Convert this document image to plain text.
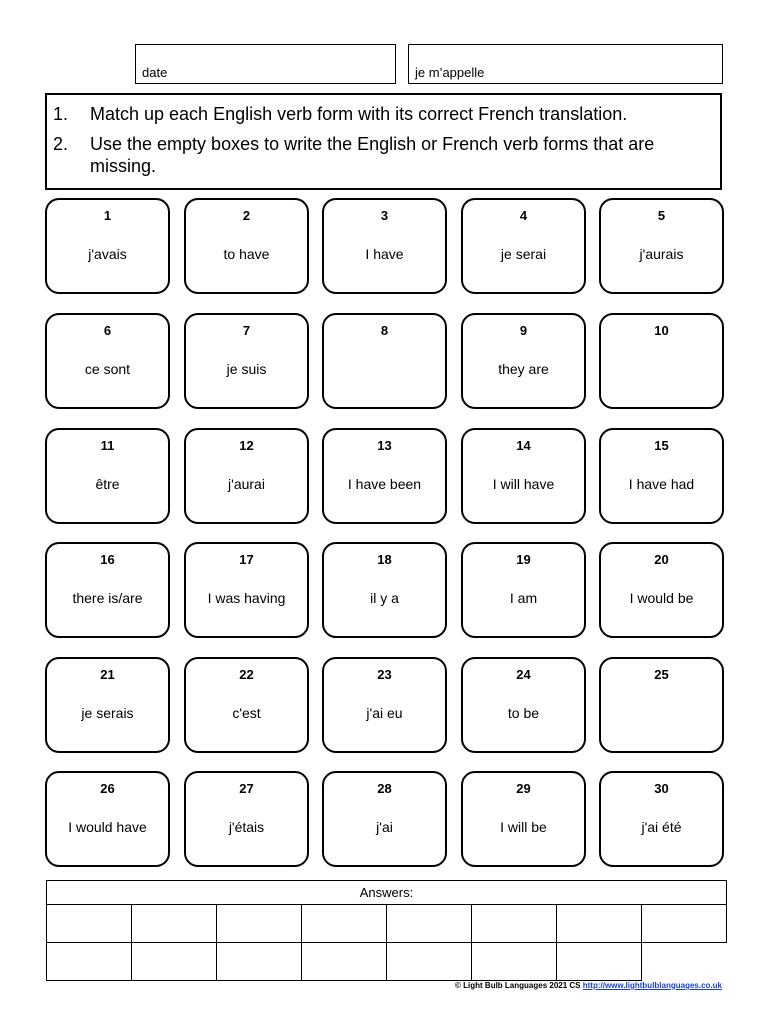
date	je m’appelle
1.	Match up each English verb form with its correct French translation.
2.	Use the empty boxes to write the English or French verb forms that are missing.
1
j'avais
2
to have
3
I have
4
je serai
5
j'aurais
6
ce sont
7
je suis
8	9
they are
10
11
être
12
j'aurai
13
I have been
14
I will have
15
I have had
16
there is/are
17
I was having
18
il y a
19
I am
20
I would be
21
je serais
22
c'est
23
j'ai eu
24
to be
25
26
I would have
27
j'étais
28
j'ai
29
I will be
30
j'ai été
Answers:							

© Light Bulb Languages 2021 CS http://www.lightbulblanguages.co.uk
